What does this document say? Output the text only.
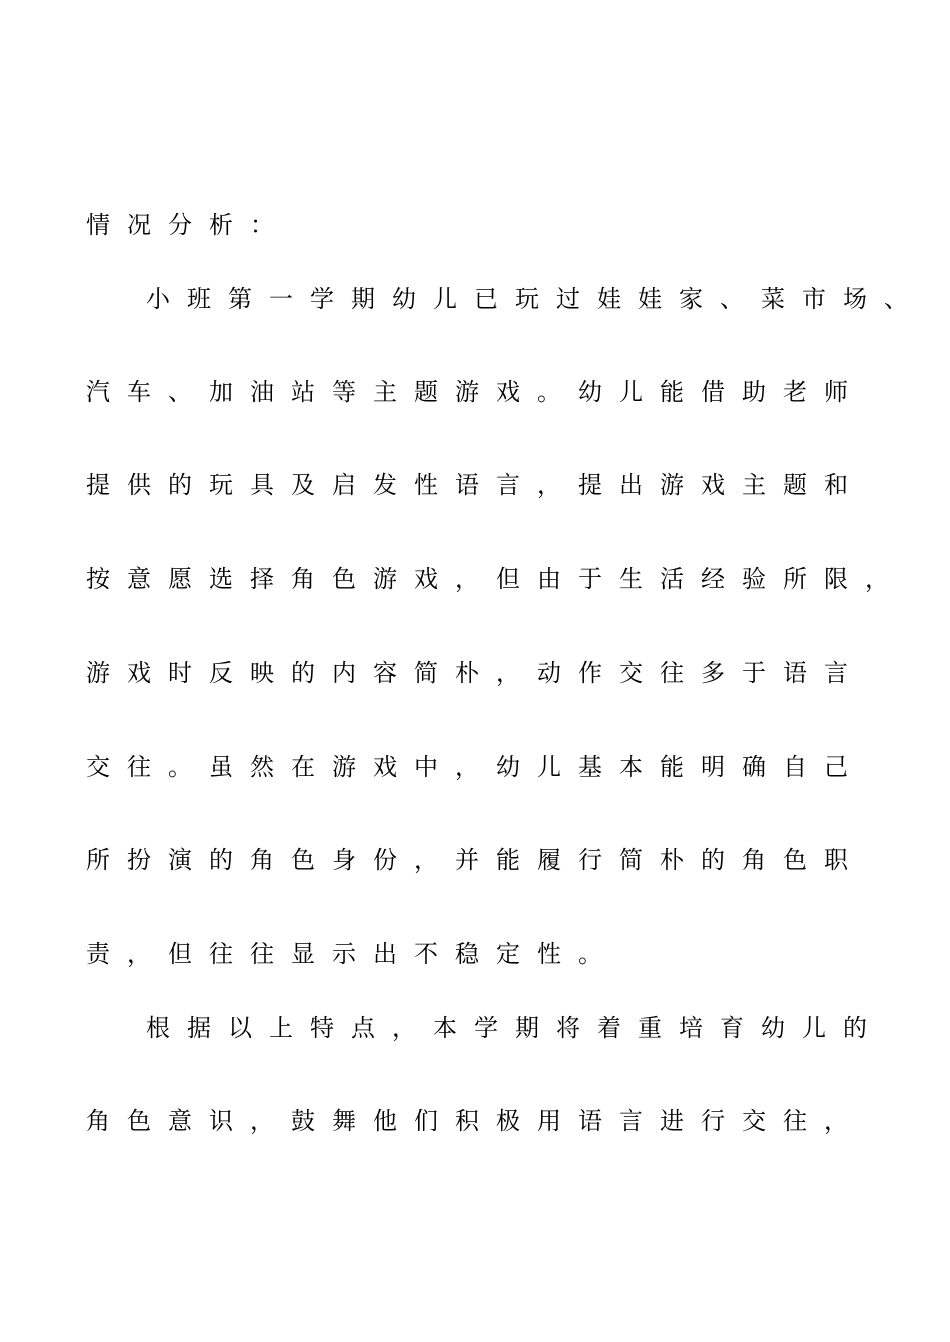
情况分析：
小班第一学期幼儿已玩过娃娃家、菜市场、
汽车、加油站等主题游戏。幼儿能借助老师
提供的玩具及启发性语言，提出游戏主题和
按意愿选择角色游戏，但由于生活经验所限，
游戏时反映的内容简朴，动作交往多于语言
交往。虽然在游戏中，幼儿基本能明确自己
所扮演的角色身份，并能履行简朴的角色职
责，但往往显示出不稳定性。
根据以上特点，本学期将着重培育幼儿的
角色意识，鼓舞他们积极用语言进行交往，
